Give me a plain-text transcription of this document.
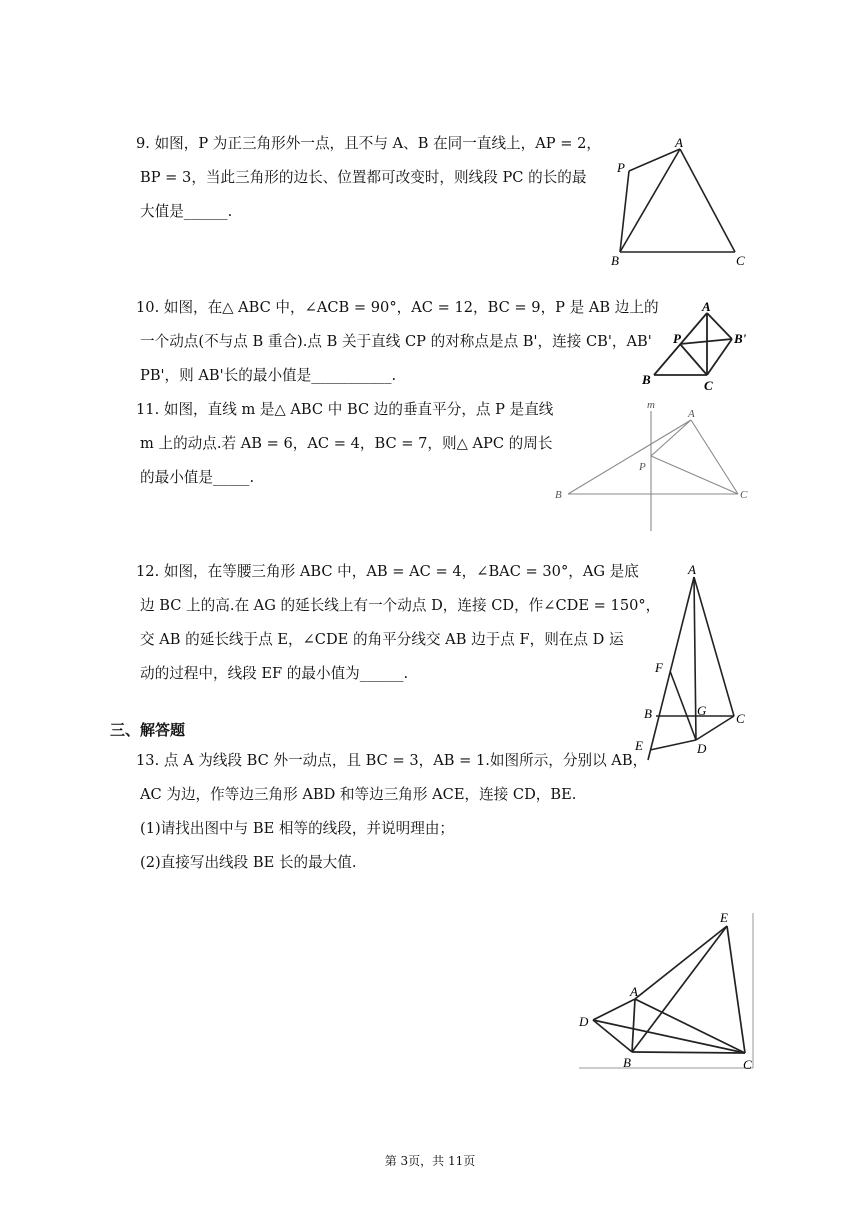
9. 如图，P 为正三角形外一点，且不与 A、B 在同一直线上，AP = 2，
BP = 3，当此三角形的边长、位置都可改变时，则线段 PC 的长的最
大值是______.
A
P
B	C
10. 如图，在△ ABC 中，∠ACB = 90°，AC = 12，BC = 9，P 是 AB 边上的
一个动点(不与点 B 重合).点 B 关于直线 CP 的对称点是点 B'，连接 CB'，AB'
PB'，则 AB'长的最小值是___________.
A
P	B'
B	C
11. 如图，直线 m 是△ ABC 中 BC 边的垂直平分，点 P 是直线
m 上的动点.若 AB = 6，AC = 4，BC = 7，则△ APC 的周长
的最小值是_____.
m
A
P
B	C
12. 如图，在等腰三角形 ABC 中，AB = AC = 4，∠BAC = 30°，AG 是底
边 BC 上的高.在 AG 的延长线上有一个动点 D，连接 CD，作∠CDE = 150°，
交 AB 的延长线于点 E，∠CDE 的角平分线交 AB 边于点 F，则在点 D 运
动的过程中，线段 EF 的最小值为______.
A
F
B	G
C
E	D
三、解答题
13. 点 A 为线段 BC 外一动点，且 BC = 3，AB = 1.如图所示，分别以 AB，
AC 为边，作等边三角形 ABD 和等边三角形 ACE，连接 CD，BE.
(1)请找出图中与 BE 相等的线段，并说明理由；
(2)直接写出线段 BE 长的最大值.
E
A
D
B	C
第 3页，共 11页
